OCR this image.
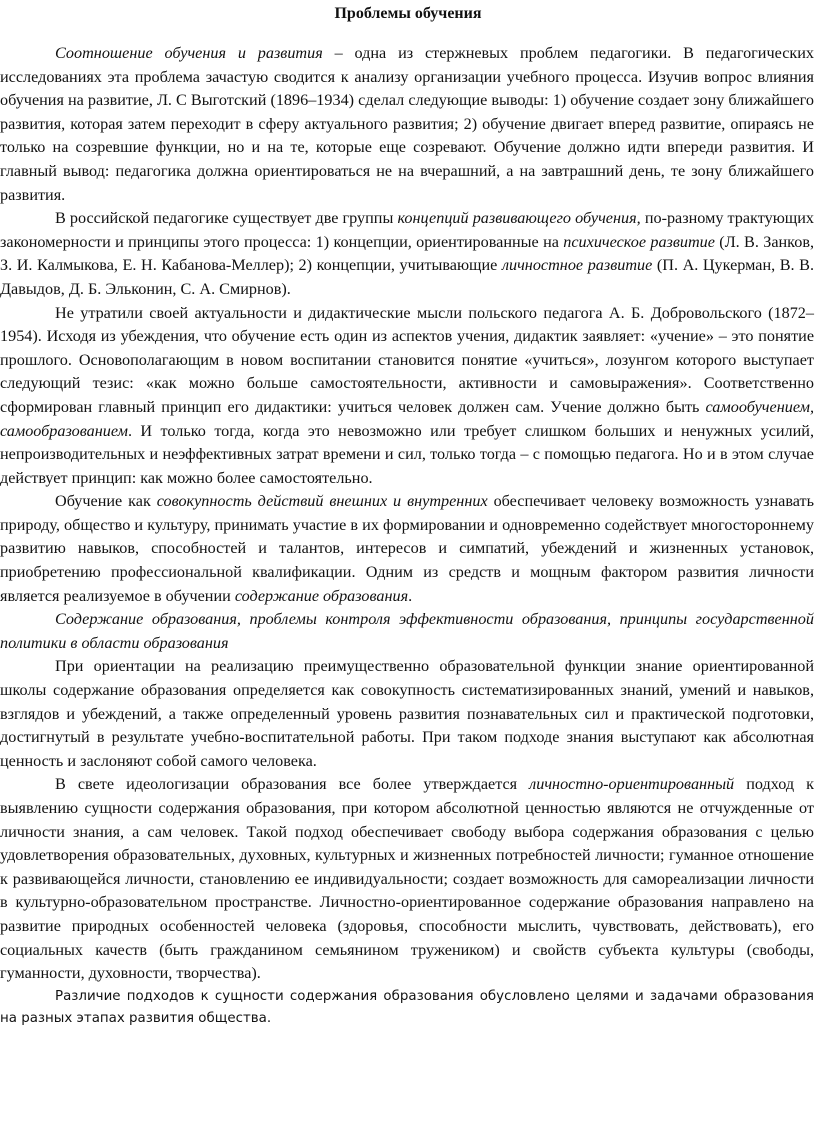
Проблемы обучения

Соотношение обучения и развития – одна из стержневых проблем педагогики. В педагогических исследованиях эта проблема зачастую сводится к анализу организации учебного процесса. Изучив вопрос влияния обучения на развитие, Л. С Выготский (1896–1934) сделал следующие выводы: 1) обучение создает зону ближайшего развития, которая затем переходит в сферу актуального развития; 2) обучение двигает вперед развитие, опираясь не только на созревшие функции, но и на те, которые еще созревают. Обучение должно идти впереди развития. И главный вывод: педагогика должна ориентироваться не на вчерашний, а на завтрашний день, те зону ближайшего развития.

В российской педагогике существует две группы концепций развивающего обучения, по-разному трактующих закономерности и принципы этого процесса: 1) концепции, ориентированные на психическое развитие (Л. В. Занков, З. И. Калмыкова, Е. Н. Кабанова-Меллер); 2) концепции, учитывающие личностное развитие (П. А. Цукерман, В. В. Давыдов, Д. Б. Эльконин, С. А. Смирнов).

Не утратили своей актуальности и дидактические мысли польского педагога А. Б. Добровольского (1872–1954). Исходя из убеждения, что обучение есть один из аспектов учения, дидактик заявляет: «учение» – это понятие прошлого. Основополагающим в новом воспитании становится понятие «учиться», лозунгом которого выступает следующий тезис: «как можно больше самостоятельности, активности и самовыражения». Соответственно сформирован главный принцип его дидактики: учиться человек должен сам. Учение должно быть самообучением, самообразованием. И только тогда, когда это невозможно или требует слишком больших и ненужных усилий, непроизводительных и неэффективных затрат времени и сил, только тогда – с помощью педагога. Но и в этом случае действует принцип: как можно более самостоятельно.

Обучение как совокупность действий внешних и внутренних обеспечивает человеку возможность узнавать природу, общество и культуру, принимать участие в их формировании и одновременно содействует многостороннему развитию навыков, способностей и талантов, интересов и симпатий, убеждений и жизненных установок, приобретению профессиональной квалификации. Одним из средств и мощным фактором развития личности является реализуемое в обучении содержание образования.

Содержание образования, проблемы контроля эффективности образования, принципы государственной политики в области образования

При ориентации на реализацию преимущественно образовательной функции знание ориентированной школы содержание образования определяется как совокупность систематизированных знаний, умений и навыков, взглядов и убеждений, а также определенный уровень развития познавательных сил и практической подготовки, достигнутый в результате учебно-воспитательной работы. При таком подходе знания выступают как абсолютная ценность и заслоняют собой самого человека.

В свете идеологизации образования все более утверждается личностно-ориентированный подход к выявлению сущности содержания образования, при котором абсолютной ценностью являются не отчужденные от личности знания, а сам человек. Такой подход обеспечивает свободу выбора содержания образования с целью удовлетворения образовательных, духовных, культурных и жизненных потребностей личности; гуманное отношение к развивающейся личности, становлению ее индивидуальности; создает возможность для самореализации личности в культурно-образовательном пространстве. Личностно-ориентированное содержание образования направлено на развитие природных особенностей человека (здоровья, способности мыслить, чувствовать, действовать), его социальных качеств (быть гражданином семьянином тружеником) и свойств субъекта культуры (свободы, гуманности, духовности, творчества).

Различие подходов к сущности содержания образования обусловлено целями и задачами образования на разных этапах развития общества.
